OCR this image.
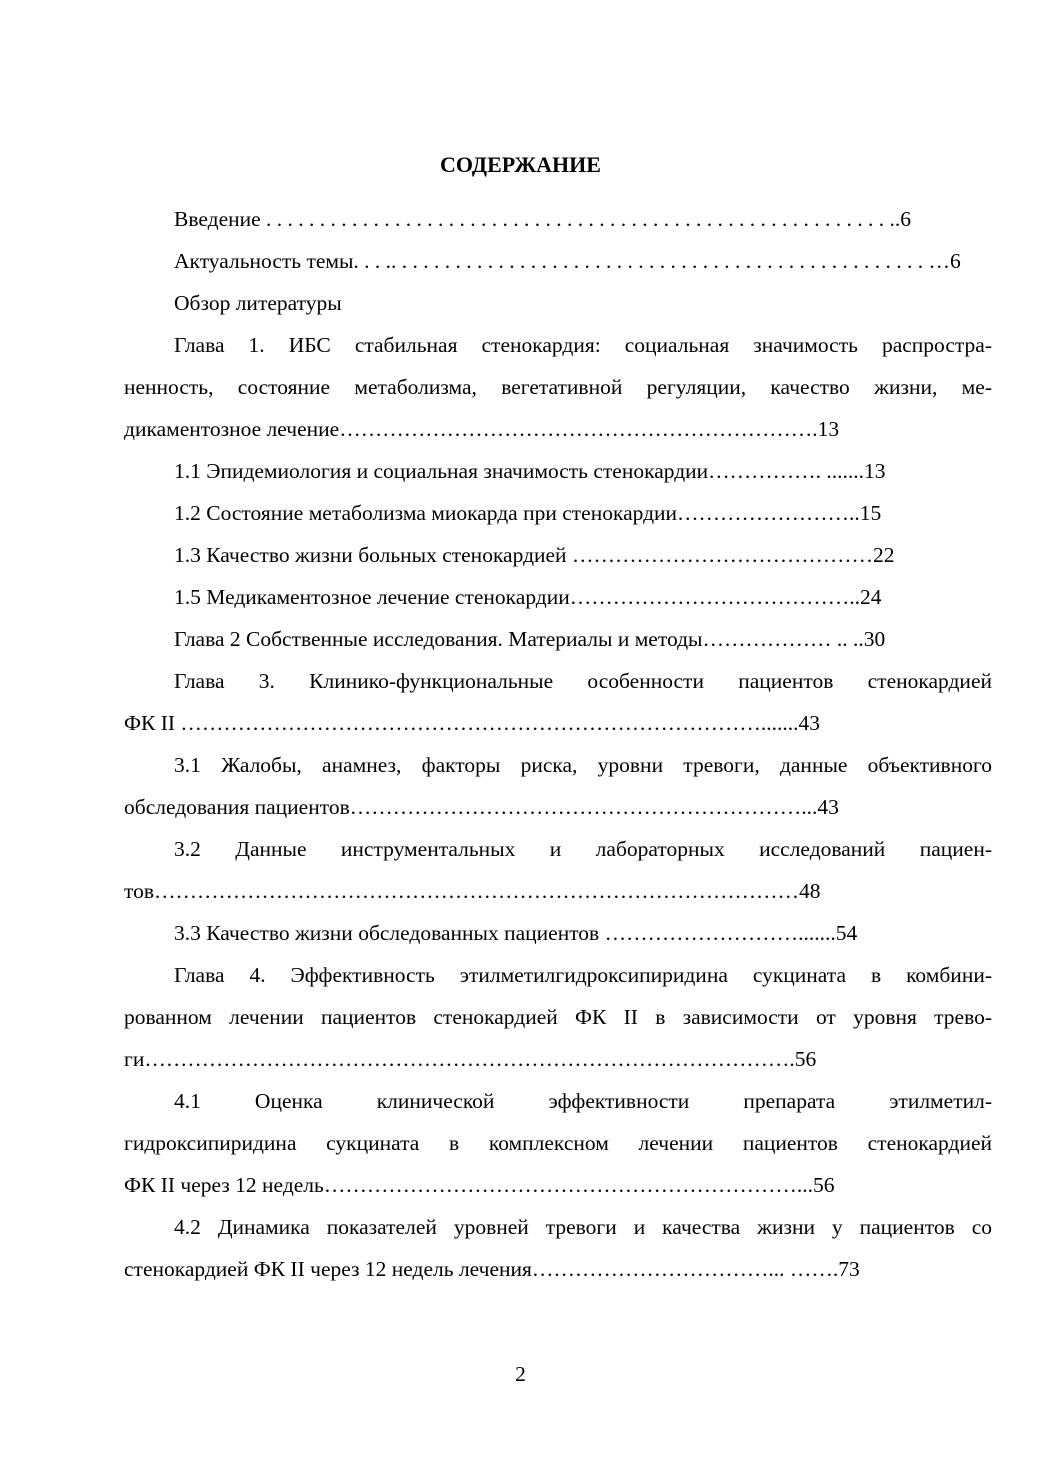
СОДЕРЖАНИЕ
Введение . . . . . . . . . . . . . . . . . . . . . . . . . . . . . . . . . . . . . . . . . . . . . . . . . . . . . . . . . . ..6
Актуальность темы. . . .. . . . . . . . . . . . . . . . . . . . . . . . . . . . . . . . . . . . . . . . . . . . . . . . . . …6
Обзор литературы
Глава 1. ИБС стабильная стенокардия: социальная значимость распростра-
ненность, состояние метаболизма, вегетативной регуляции, качество жизни, ме-
дикаментозное лечение………………………………………………………….13
1.1 Эпидемиология и социальная значимость стенокардии……………. .......13
1.2 Состояние метаболизма миокарда при стенокардии……………………..15
1.3 Качество жизни больных стенокардией ……………………………………22
1.5 Медикаментозное лечение стенокардии…………………………………..24
Глава 2 Собственные исследования. Материалы и методы……………… .. ..30
Глава 3. Клинико-функциональные особенности пациентов стенокардией
ФК II ……………………………………………………………………….......43
3.1 Жалобы, анамнез, факторы риска, уровни тревоги, данные объективного
обследования пациентов………………………………………………………...43
3.2 Данные инструментальных и лабораторных исследований пациен-
тов………………………………………………………………………………48
3.3 Качество жизни обследованных пациентов ……………………….......54
Глава 4. Эффективность этилметилгидроксипиридина сукцината в комбини-
рованном лечении пациентов стенокардией ФК II в зависимости от уровня трево-
ги……………………………………………………………………………….56
4.1 Оценка клинической эффективности препарата этилметил-
гидроксипиридина сукцината в комплексном лечении пациентов стенокардией
ФК II через 12 недель…………………………………………………………...56
4.2 Динамика показателей уровней тревоги и качества жизни у пациентов со
стенокардией ФК II через 12 недель лечения……………………………... …….73
2
